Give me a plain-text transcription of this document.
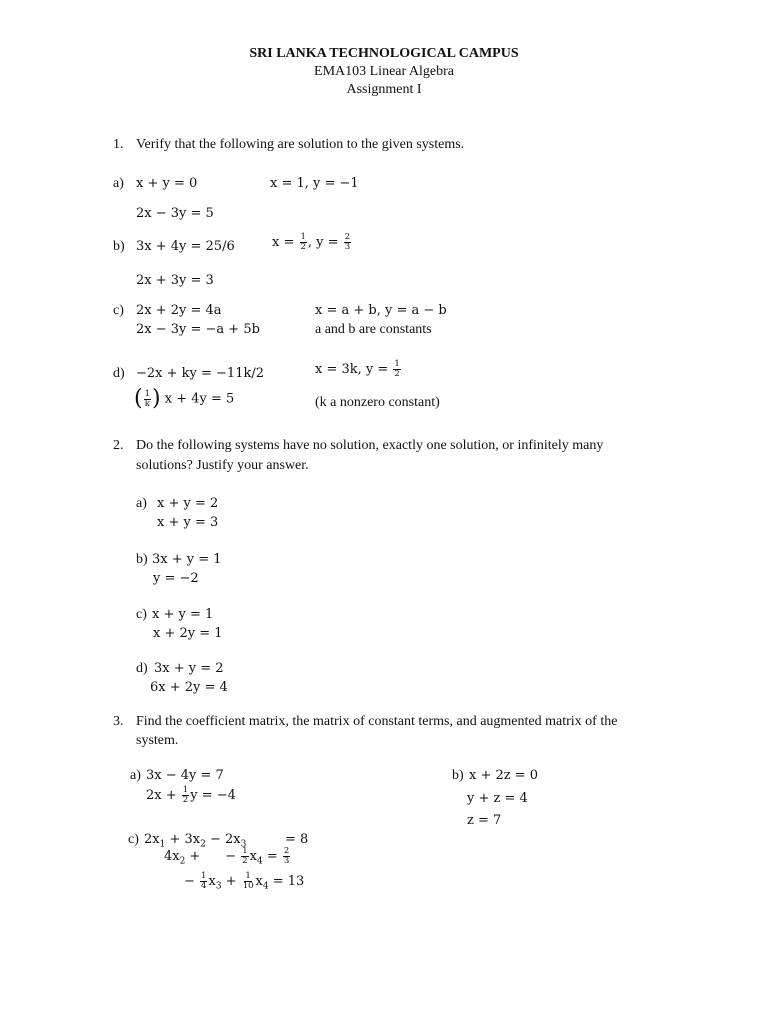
SRI LANKA TECHNOLOGICAL CAMPUS
EMA103 Linear Algebra
Assignment I
1. Verify that the following are solution to the given systems.
a) x + y = 0	x = 1, y = −1
2x − 3y = 5
b) 3x + 4y = 25/6	$x = \frac{1}{2}$ , $y = \frac{2}{3}$
2x + 3y = 3
c) 2x + 2y = 4a	x = a + b, y = a − b
2x − 3y = −a + 5b	a and b are constants
d) −2x + ky = −11k/2	x = 3k, $y = \frac{1}{2}$
( $\frac{1}{k}$ ) x + 4y = 5	(k a nonzero constant)
2. Do the following systems have no solution, exactly one solution, or infinitely many
solutions? Justify your answer.
a) x + y = 2
x + y = 3
b) 3x + y = 1
y = −2
c) x + y = 1
x + 2y = 1
d) 3x + y = 2
6x + 2y = 4
3. Find the coefficient matrix, the matrix of constant terms, and augmented matrix of the
system.
a) 3x − 4y = 7
$2x + \frac{1}{2}$ y = −4
b) x + 2z = 0
y + z = 4
z = 7
c) $2x_1 + 3x_2 - 2x_3$	= 8
$4x_2$ +      − $\frac{1}{2} x_4 = \frac{2}{3}$
− $\frac{1}{4} x_3 + \frac{1}{10} x_4 = 13$
